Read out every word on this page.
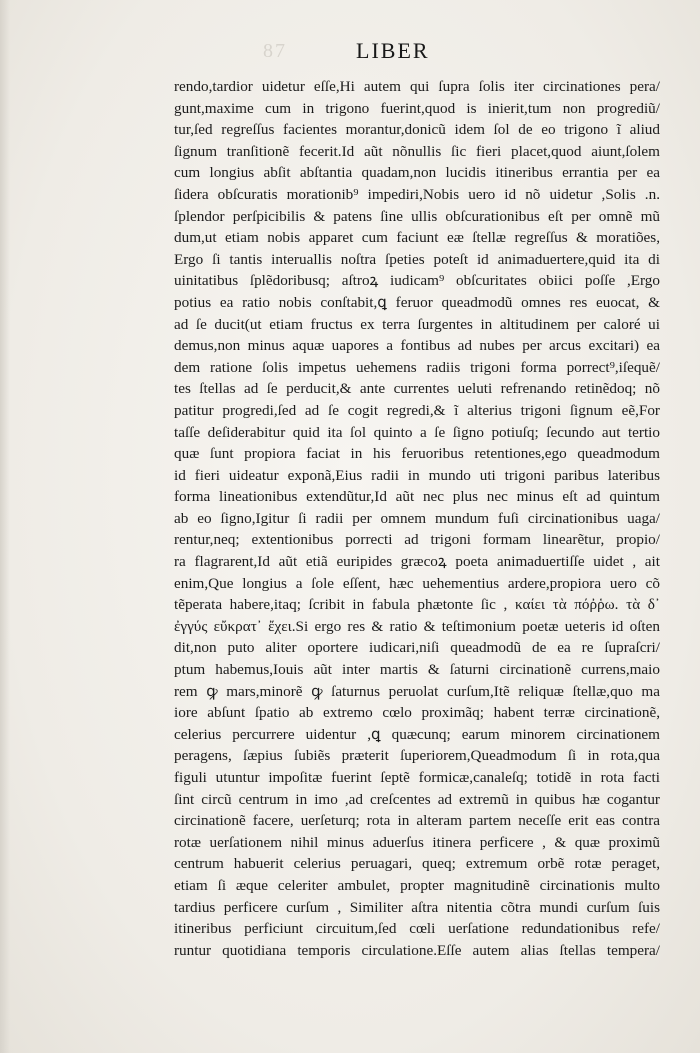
87	LIBER
rendo,tardior uidetur eſſe,Hi autem qui ſupra ſolis iter circinationes pera/
gunt,maxime cum in trigono fuerint,quod is inierit,tum non progrediũ/
tur,ſed regreſſus facientes morantur,donicũ idem ſol de eo trigono ĩ aliud
ſignum tranſitionẽ fecerit.Id aũt nõnullis ſic fieri placet,quod aiunt,ſolem
cum longius abſit abſtantia quadam,non lucidis itineribus errantia per ea
ſidera obſcuratis morationib⁹ impediri,Nobis uero id nõ uidetur ,Solis .n.
ſplendor perſpicibilis & patens ſine ullis obſcurationibus eſt per omnẽ mũ
dum,ut etiam nobis apparet cum faciunt eæ ſtellæ regreſſus & moratiões,
Ergo ſi tantis interuallis noſtra ſpeties poteſt id animaduertere,quid ita di
uinitatibus ſplẽdoribusq; aſtroꝝ iudicam⁹ obſcuritates obiici poſſe ,Ergo
potius ea ratio nobis conſtabit,ꝗ feruor queadmodũ omnes res euocat, &
ad ſe ducit(ut etiam fructus ex terra ſurgentes in altitudinem per caloré ui
demus,non minus aquæ uapores a fontibus ad nubes per arcus excitari) ea
dem ratione ſolis impetus uehemens radiis trigoni forma porrect⁹,iſequẽ/
tes ſtellas ad ſe perducit,& ante currentes ueluti refrenando retinẽdoq; nõ
patitur progredi,ſed ad ſe cogit regredi,& ĩ alterius trigoni ſignum eẽ,For
taſſe deſiderabitur quid ita ſol quinto a ſe ſigno potiuſq; ſecundo aut tertio
quæ ſunt propiora faciat in his feruoribus retentiones,ego queadmodum
id fieri uideatur exponã,Eius radii in mundo uti trigoni paribus lateribus
forma lineationibus extendũtur,Id aũt nec plus nec minus eſt ad quintum
ab eo ſigno,Igitur ſi radii per omnem mundum fuſi circinationibus uaga/
rentur,neq; extentionibus porrecti ad trigoni formam linearẽtur, propio/
ra flagrarent,Id aũt etiã euripides græcoꝝ poeta animaduertiſſe uidet , ait
enim,Que longius a ſole eſſent, hæc uehementius ardere,propiora uero cõ
tẽperata habere,itaq; ſcribit in fabula phætonte ſic , καίει τὰ πόῤῥω. τὰ δ᾽
ἐγγύς εὔκρατ᾽ ἔχει.Si ergo res & ratio & teſtimonium poetæ ueteris id oſten
dit,non puto aliter oportere iudicari,niſi queadmodũ de ea re ſupraſcri/
ptum habemus,Iouis aũt inter martis & ſaturni circinationẽ currens,maio
rem ꝙ mars,minorẽ ꝙ ſaturnus peruolat curſum,Itẽ reliquæ ſtellæ,quo ma
iore abſunt ſpatio ab extremo cœlo proximãq; habent terræ circinationẽ,
celerius percurrere uidentur ,ꝗ quæcunq; earum minorem circinationem
peragens, ſæpius ſubiẽs præterit ſuperiorem,Queadmodum ſi in rota,qua
figuli utuntur impoſitæ fuerint ſeptẽ formicæ,canaleſq; totidẽ in rota facti
ſint circũ centrum in imo ,ad creſcentes ad extremũ in quibus hæ cogantur
circinationẽ facere, uerſeturq; rota in alteram partem neceſſe erit eas contra
rotæ uerſationem nihil minus aduerſus itinera perficere , & quæ proximũ
centrum habuerit celerius peruagari, queq; extremum orbẽ rotæ peraget,
etiam ſi æque celeriter ambulet, propter magnitudinẽ circinationis multo
tardius perficere curſum , Similiter aſtra nitentia cõtra mundi curſum ſuis
itineribus perficiunt circuitum,ſed cœli uerſatione redundationibus refe/
runtur quotidiana temporis circulatione.Eſſe autem alias ſtellas tempera/
